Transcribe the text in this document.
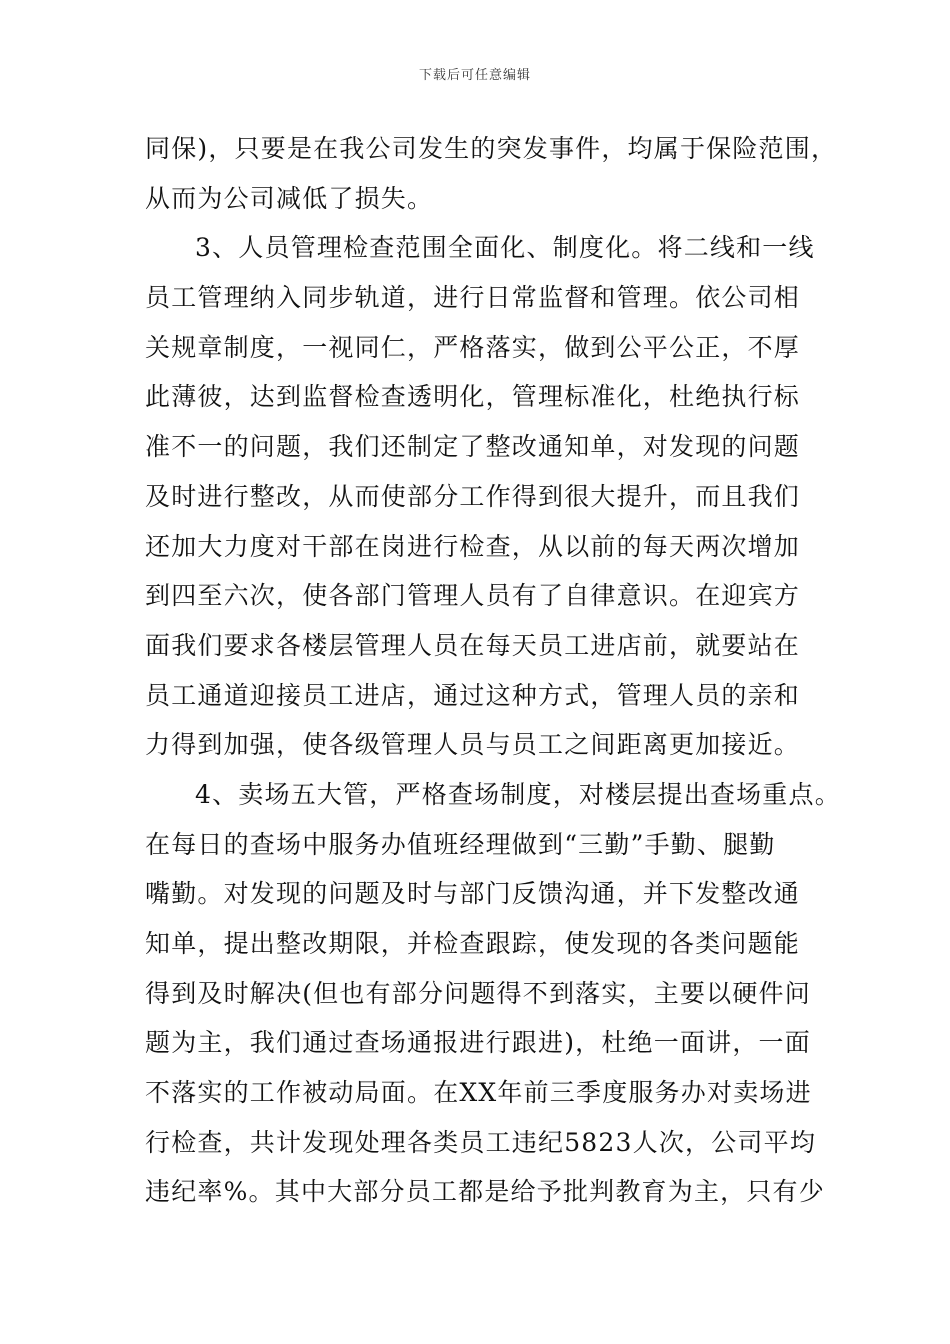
下载后可任意编辑
同保)，只要是在我公司发生的突发事件，均属于保险范围，
从而为公司减低了损失。
3、人员管理检查范围全面化、制度化。将二线和一线
员工管理纳入同步轨道，进行日常监督和管理。依公司相
关规章制度，一视同仁，严格落实，做到公平公正，不厚
此薄彼，达到监督检查透明化，管理标准化，杜绝执行标
准不一的问题，我们还制定了整改通知单，对发现的问题
及时进行整改，从而使部分工作得到很大提升，而且我们
还加大力度对干部在岗进行检查，从以前的每天两次增加
到四至六次，使各部门管理人员有了自律意识。在迎宾方
面我们要求各楼层管理人员在每天员工进店前，就要站在
员工通道迎接员工进店，通过这种方式，管理人员的亲和
力得到加强，使各级管理人员与员工之间距离更加接近。
4、卖场五大管，严格查场制度，对楼层提出查场重点。
在每日的查场中服务办值班经理做到“三勤”手勤、腿勤
嘴勤。对发现的问题及时与部门反馈沟通，并下发整改通
知单，提出整改期限，并检查跟踪，使发现的各类问题能
得到及时解决(但也有部分问题得不到落实，主要以硬件问
题为主，我们通过查场通报进行跟进)，杜绝一面讲，一面
不落实的工作被动局面。在XX年前三季度服务办对卖场进
行检查，共计发现处理各类员工违纪5823人次，公司平均
违纪率%。其中大部分员工都是给予批判教育为主，只有少
